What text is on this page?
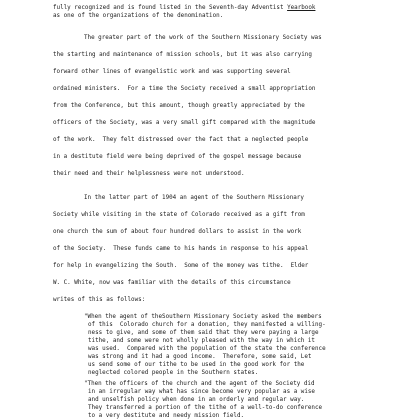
fully recognized and is found listed in the Seventh-day Adventist Yearbook
as one of the organizations of the denomination.
The greater part of the work of the Southern Missionary Society was
the starting and maintenance of mission schools, but it was also carrying
forward other lines of evangelistic work and was supporting several
ordained ministers.  For a time the Society received a small appropriation
from the Conference, but this amount, though greatly appreciated by the
officers of the Society, was a very small gift compared with the magnitude
of the work.  They felt distressed over the fact that a neglected people
in a destitute field were being deprived of the gospel message because
their need and their helplessness were not understood.
In the latter part of 1904 an agent of the Southern Missionary
Society while visiting in the state of Colorado received as a gift from
one church the sum of about four hundred dollars to assist in the work
of the Society.  These funds came to his hands in response to his appeal
for help in evangelizing the South.  Some of the money was tithe.  Elder
W. C. White, now was familiar with the details of this circumstance
writes of this as follows:
"When the agent of theSouthern Missionary Society asked the members
of this  Colorado church for a donation, they manifested a willing-
ness to give, and some of them said that they were paying a large
tithe, and some were not wholly pleased with the way in which it
was used.  Compared with the population of the state the conference
was strong and it had a good income.  Therefore, some said, Let
us send some of our tithe to be used in the good work for the
neglected colored people in the Southern states.
"Then the officers of the church and the agent of the Society did
in an irregular way what has since become very popular as a wise
and unselfish policy when done in an orderly and regular way.
They transferred a portion of the tithe of a well-to-do conference
to a very destitute and needy mission field.
